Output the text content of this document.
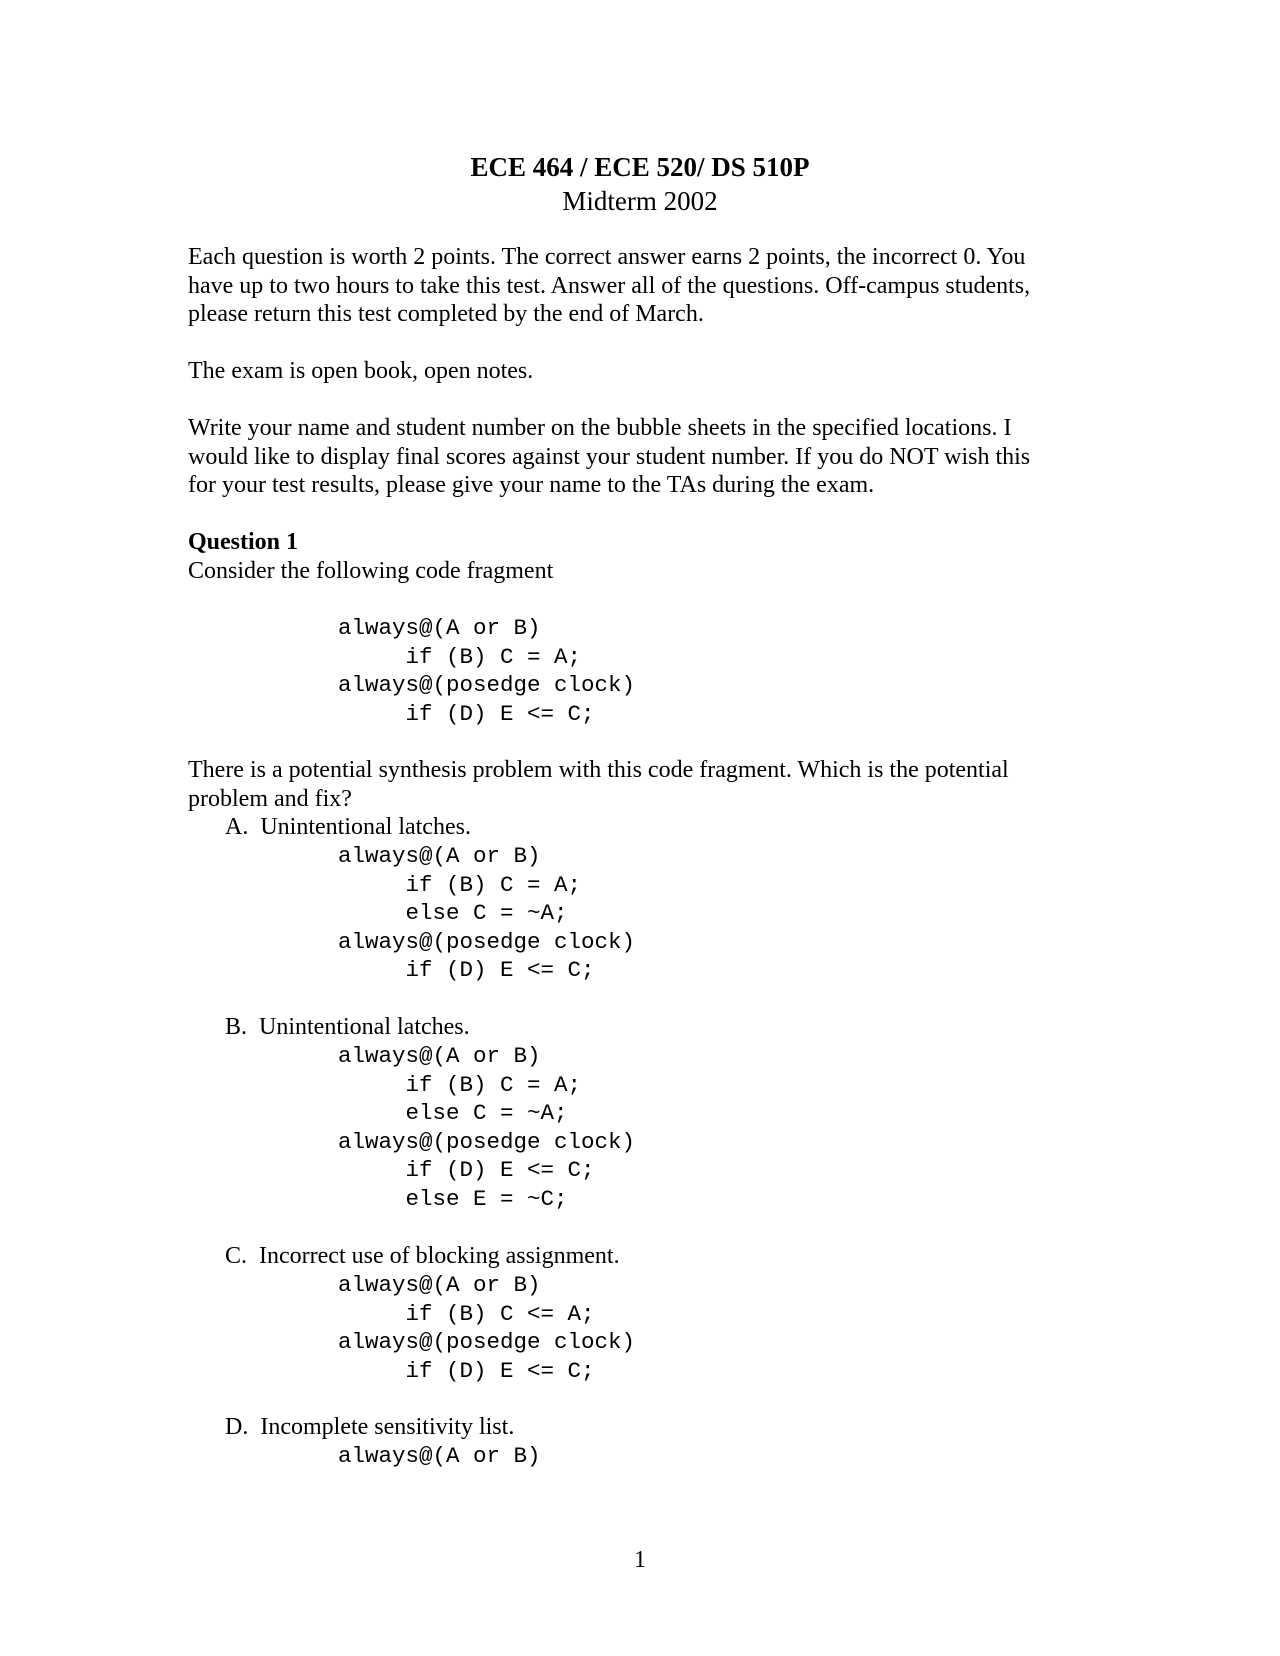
ECE 464 / ECE 520/ DS 510P
Midterm 2002

Each question is worth 2 points. The correct answer earns 2 points, the incorrect 0. You

have up to two hours to take this test. Answer all of the questions. Off-campus students,

please return this test completed by the end of March.

The exam is open book, open notes.

Write your name and student number on the bubble sheets in the specified locations. I

would like to display final scores against your student number. If you do NOT wish this

for your test results, please give your name to the TAs during the exam.

Question 1

Consider the following code fragment

always@(A or B)
if (B) C = A;
always@(posedge clock)
if (D) E <= C;

There is a potential synthesis problem with this code fragment. Which is the potential

problem and fix?

A. Unintentional latches.
always@(A or B)
if (B) C = A;
else C = ~A;
always@(posedge clock)
if (D) E <= C;
B. Unintentional latches.
always@(A or B)
if (B) C = A;
else C = ~A;
always@(posedge clock)
if (D) E <= C;
else E = ~C;
C. Incorrect use of blocking assignment.
always@(A or B)
if (B) C <= A;
always@(posedge clock)
if (D) E <= C;
D. Incomplete sensitivity list.
always@(A or B)
1
